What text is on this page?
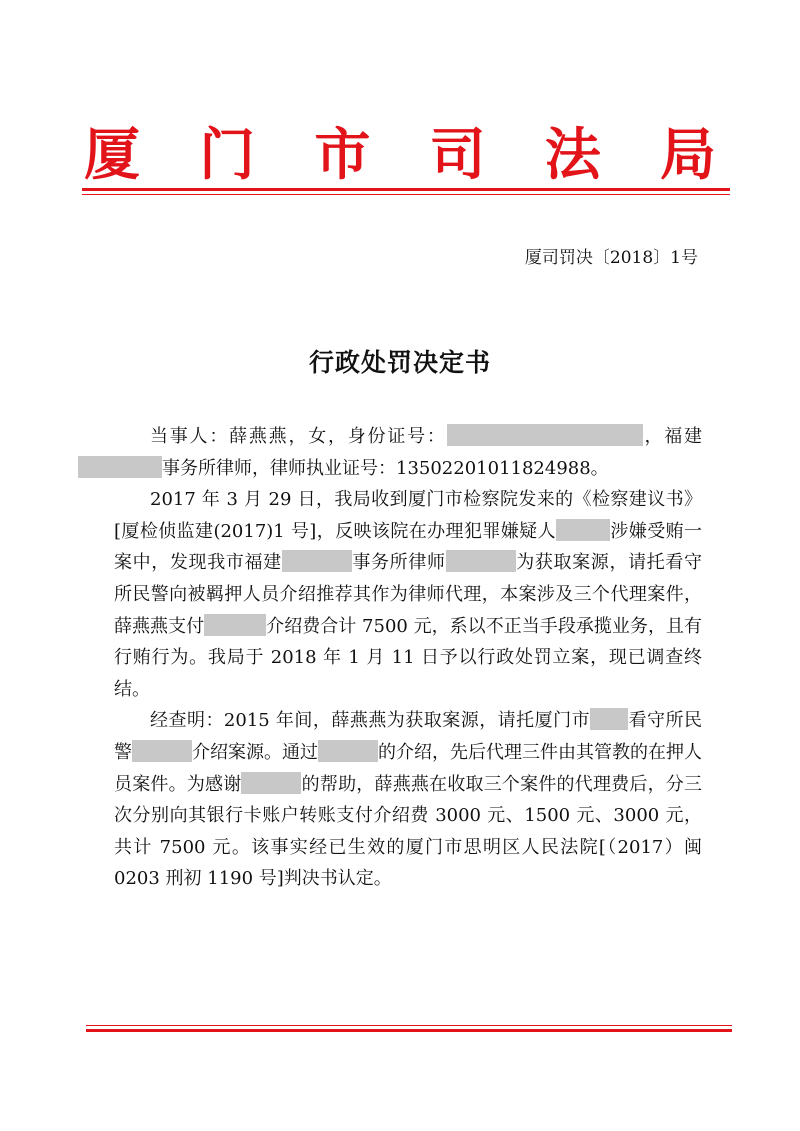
厦 门 市 司 法 局
厦司罚决〔2018〕1号
行政处罚决定书

当事人：薛燕燕，女，身份证号：	，福建事务所律师，律师执业证号：13502201011824988。

2017 年 3 月 29 日，我局收到厦门市检察院发来的《检察建议书》[厦检侦监建(2017)1 号]，反映该院在办理犯罪嫌疑人	涉嫌受贿一案中，发现我市福建	事务所律师	为获取案源，请托看守所民警向被羁押人员介绍推荐其作为律师代理，本案涉及三个代理案件，薛燕燕支付	介绍费合计 7500 元，系以不正当手段承揽业务，且有行贿行为。我局于 2018 年 1 月 11 日予以行政处罚立案，现已调查终结。

经查明：2015 年间，薛燕燕为获取案源，请托厦门市 看守所民警	介绍案源。通过	的介绍，先后代理三件由其管教的在押人员案件。为感谢	的帮助，薛燕燕在收取三个案件的代理费后，分三次分别向其银行卡账户转账支付介绍费 3000 元、1500 元、3000 元，共计 7500 元。该事实经已生效的厦门市思明区人民法院[（2017）闽 0203 刑初 1190 号]判决书认定。
